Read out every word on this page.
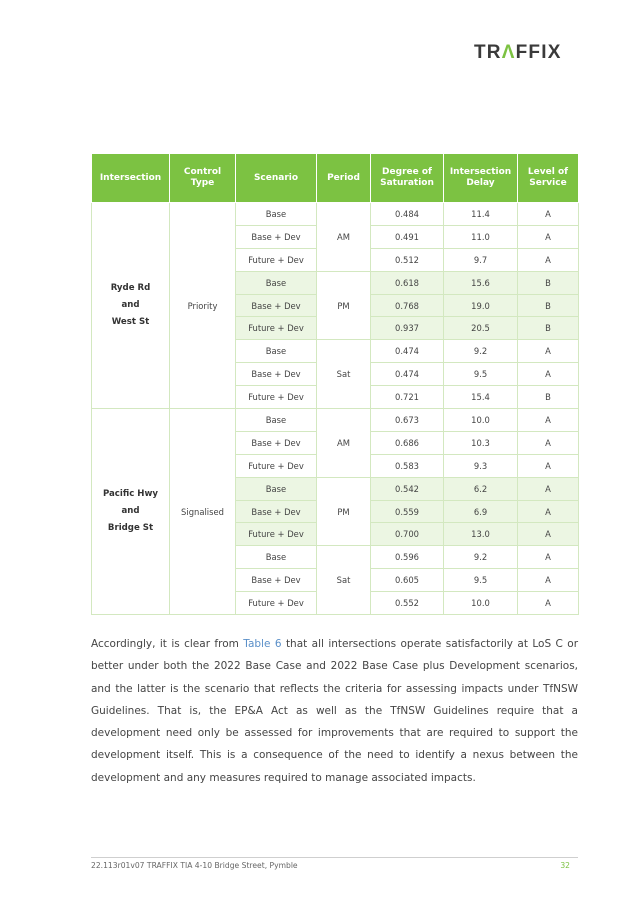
TRΛFFIX
Intersection	Control Type	Scenario	Period	Degree of Saturation	Intersection Delay	Level of Service

Ryde Rd
and
West St	Priority	Base	AM	0.484	11.4	A
		Base + Dev		0.491	11.0	A
		Future + Dev		0.512	9.7	A
		Base	PM	0.618	15.6	B
		Base + Dev		0.768	19.0	B
		Future + Dev		0.937	20.5	B
		Base	Sat	0.474	9.2	A
		Base + Dev		0.474	9.5	A
		Future + Dev		0.721	15.4	B

Pacific Hwy
and
Bridge St	Signalised	Base	AM	0.673	10.0	A
		Base + Dev		0.686	10.3	A
		Future + Dev		0.583	9.3	A
		Base	PM	0.542	6.2	A
		Base + Dev		0.559	6.9	A
		Future + Dev		0.700	13.0	A
		Base	Sat	0.596	9.2	A
		Base + Dev		0.605	9.5	A
		Future + Dev		0.552	10.0	A

Accordingly, it is clear from Table 6 that all intersections operate satisfactorily at LoS C or better under both the 2022 Base Case and 2022 Base Case plus Development scenarios, and the latter is the scenario that reflects the criteria for assessing impacts under TfNSW Guidelines. That is, the EP&A Act as well as the TfNSW Guidelines require that a development need only be assessed for improvements that are required to support the development itself. This is a consequence of the need to identify a nexus between the development and any measures required to manage associated impacts.

22.113r01v07 TRAFFIX TIA 4-10 Bridge Street, Pymble	32
